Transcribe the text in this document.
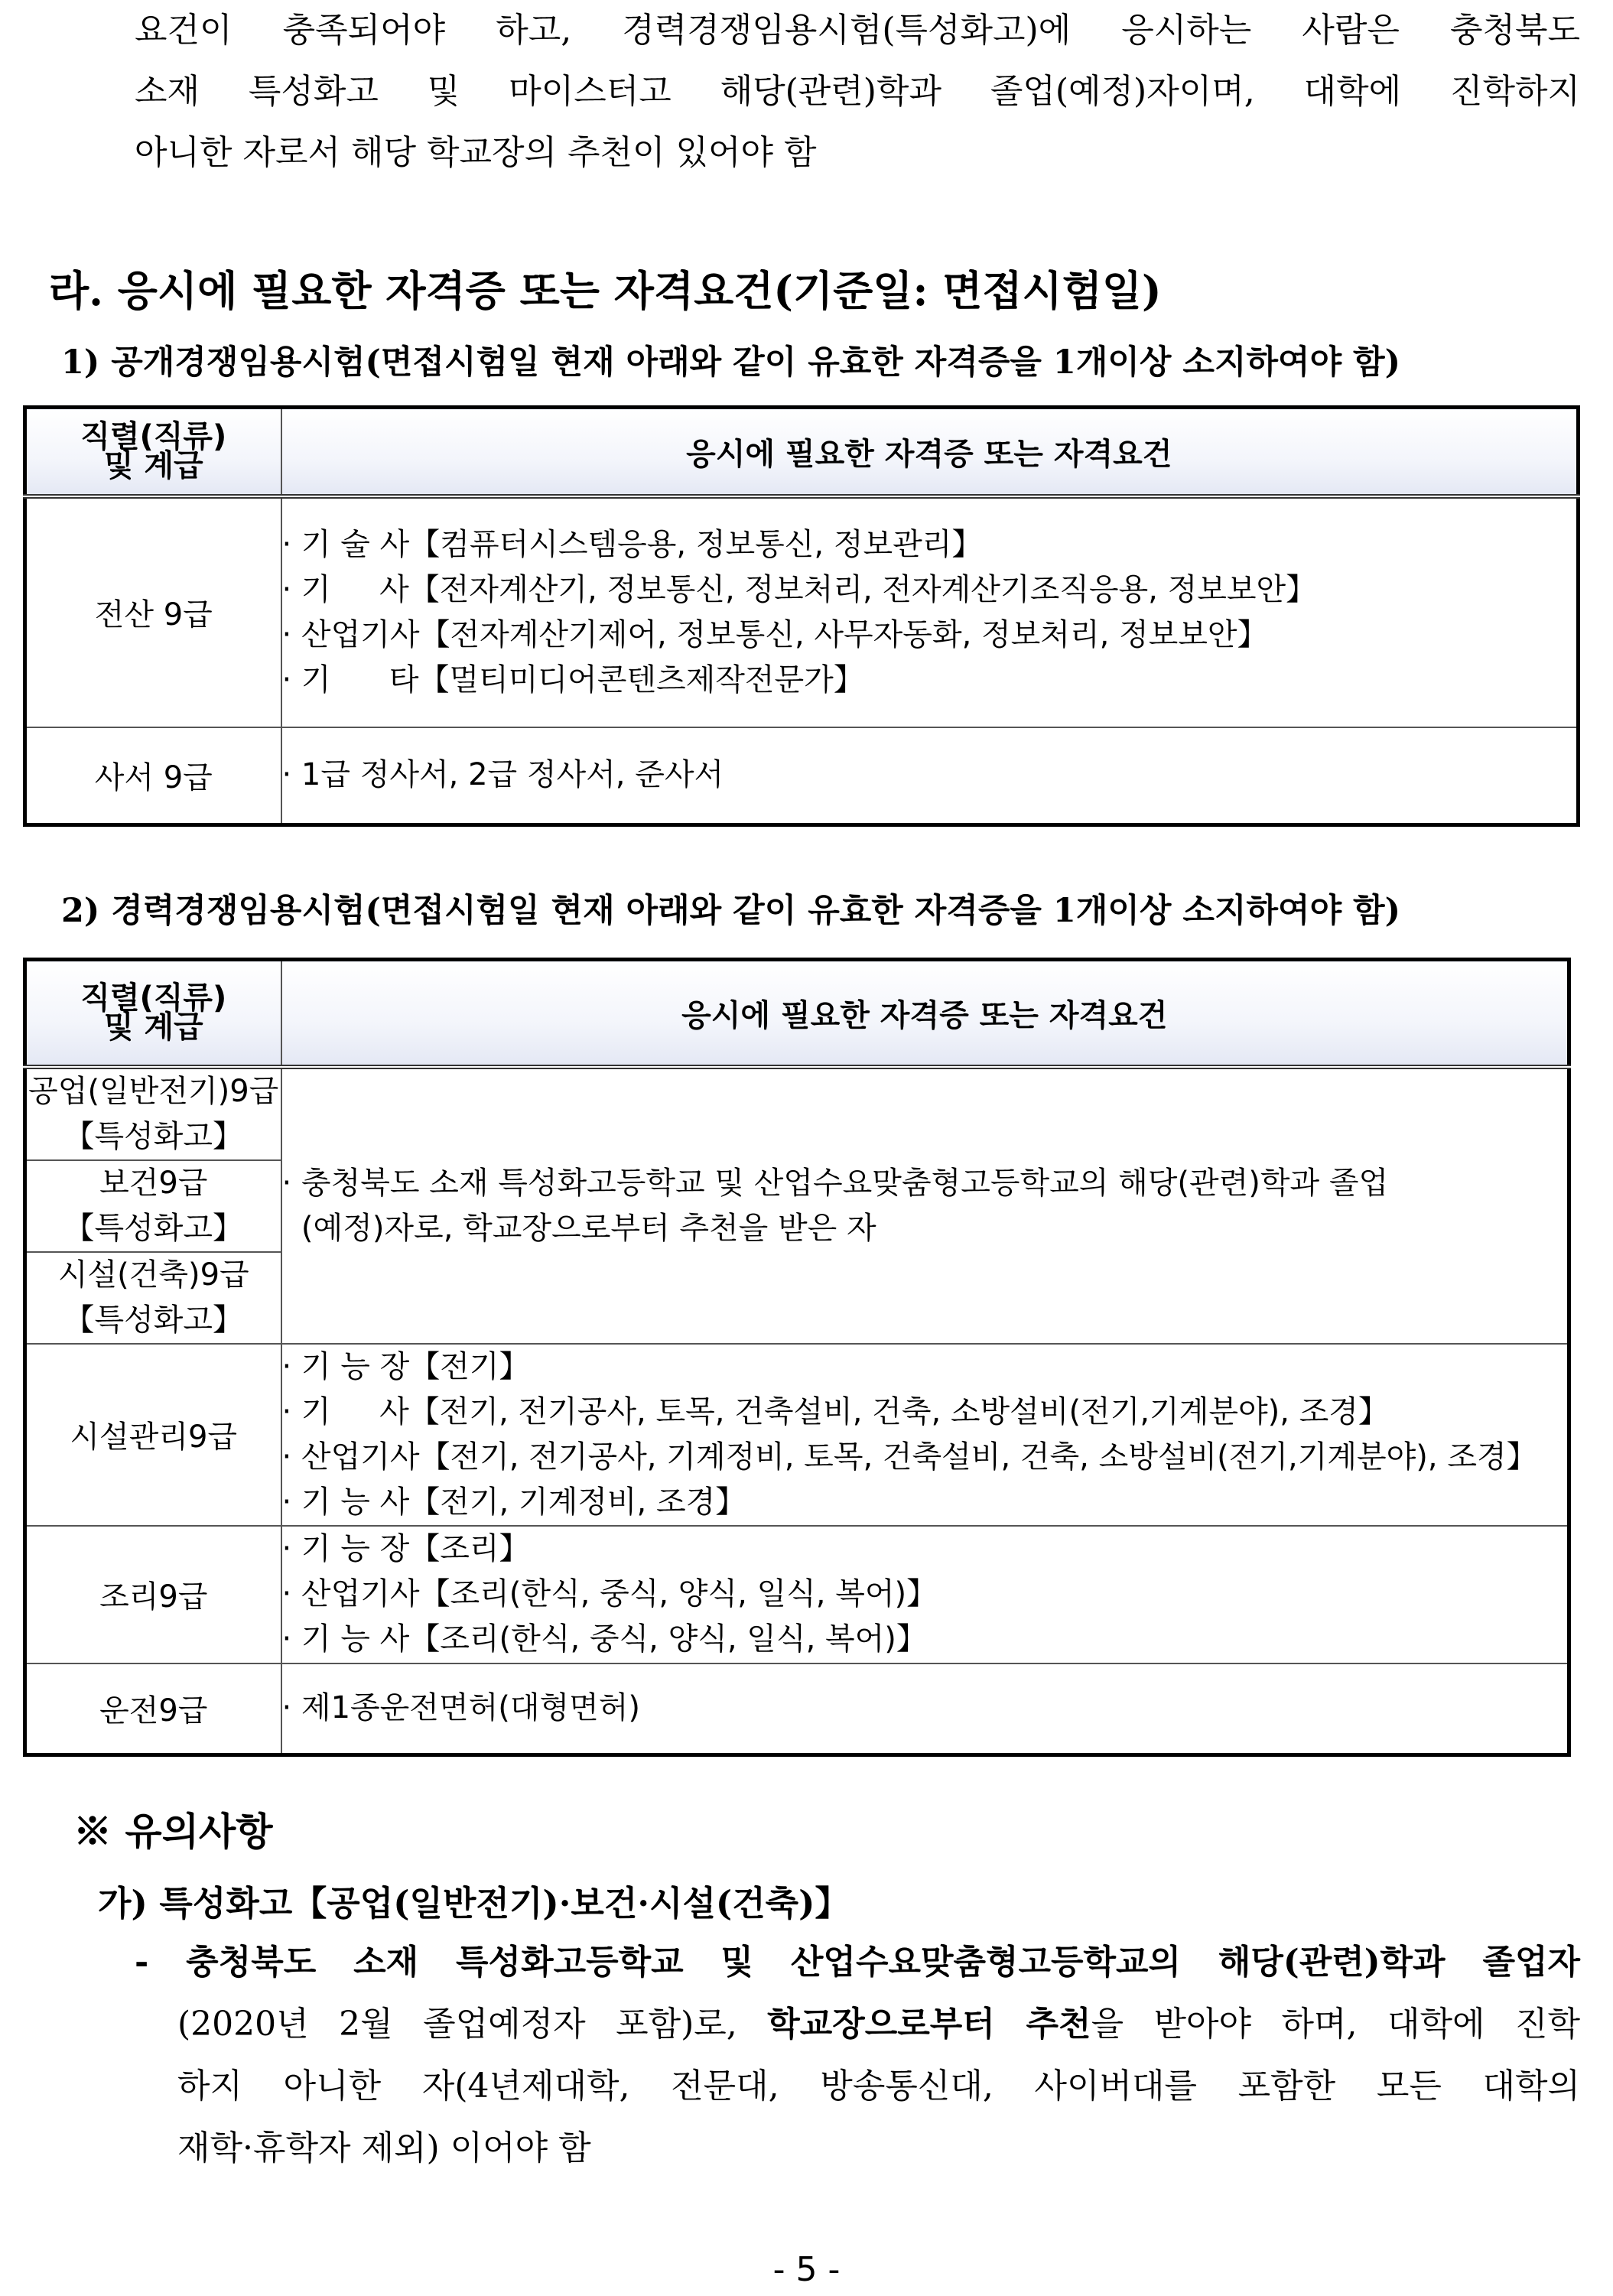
요건이 충족되어야 하고, 경력경쟁임용시험(특성화고)에 응시하는 사람은 충청북도
소재 특성화고 및 마이스터고 해당(관련)학과 졸업(예정)자이며, 대학에 진학하지
아니한 자로서 해당 학교장의 추천이 있어야 함
라. 응시에 필요한 자격증 또는 자격요건(기준일: 면접시험일)
1) 공개경쟁임용시험(면접시험일 현재 아래와 같이 유효한 자격증을 1개이상 소지하여야 함)
직렬(직류)
및 계급	응시에 필요한 자격증 또는 자격요건
전산 9급	· 기 술 사【컴퓨터시스템응용, 정보통신, 정보관리】
· 기     사【전자계산기, 정보통신, 정보처리, 전자계산기조직응용, 정보보안】
· 산업기사【전자계산기제어, 정보통신, 사무자동화, 정보처리, 정보보안】
· 기      타【멀티미디어콘텐츠제작전문가】

사서 9급	· 1급 정사서, 2급 정사서, 준사서
2) 경력경쟁임용시험(면접시험일 현재 아래와 같이 유효한 자격증을 1개이상 소지하여야 함)
직렬(직류)
및 계급	응시에 필요한 자격증 또는 자격요건

공업(일반전기)9급
【특성화고】	· 충청북도 소재 특성화고등학교 및 산업수요맞춤형고등학교의 해당(관련)학과 졸업
(예정)자로, 학교장으로부터 추천을 받은 자

보건9급
【특성화고】	

시설(건축)9급
【특성화고】	

시설관리9급	· 기 능 장【전기】
· 기     사【전기, 전기공사, 토목, 건축설비, 건축, 소방설비(전기,기계분야), 조경】
· 산업기사【전기, 전기공사, 기계정비, 토목, 건축설비, 건축, 소방설비(전기,기계분야), 조경】
· 기 능 사【전기, 기계정비, 조경】

조리9급	· 기 능 장【조리】
· 산업기사【조리(한식, 중식, 양식, 일식, 복어)】
· 기 능 사【조리(한식, 중식, 양식, 일식, 복어)】

운전9급	· 제1종운전면허(대형면허)
※ 유의사항
가) 특성화고【공업(일반전기)·보건·시설(건축)】
- 충청북도 소재 특성화고등학교 및 산업수요맞춤형고등학교의 해당(관련)학과 졸업자
(2020년 2월 졸업예정자 포함)로, 학교장으로부터 추천을 받아야 하며, 대학에 진학
하지 아니한 자(4년제대학, 전문대, 방송통신대, 사이버대를 포함한 모든 대학의
재학·휴학자 제외) 이어야 함
- 5 -
